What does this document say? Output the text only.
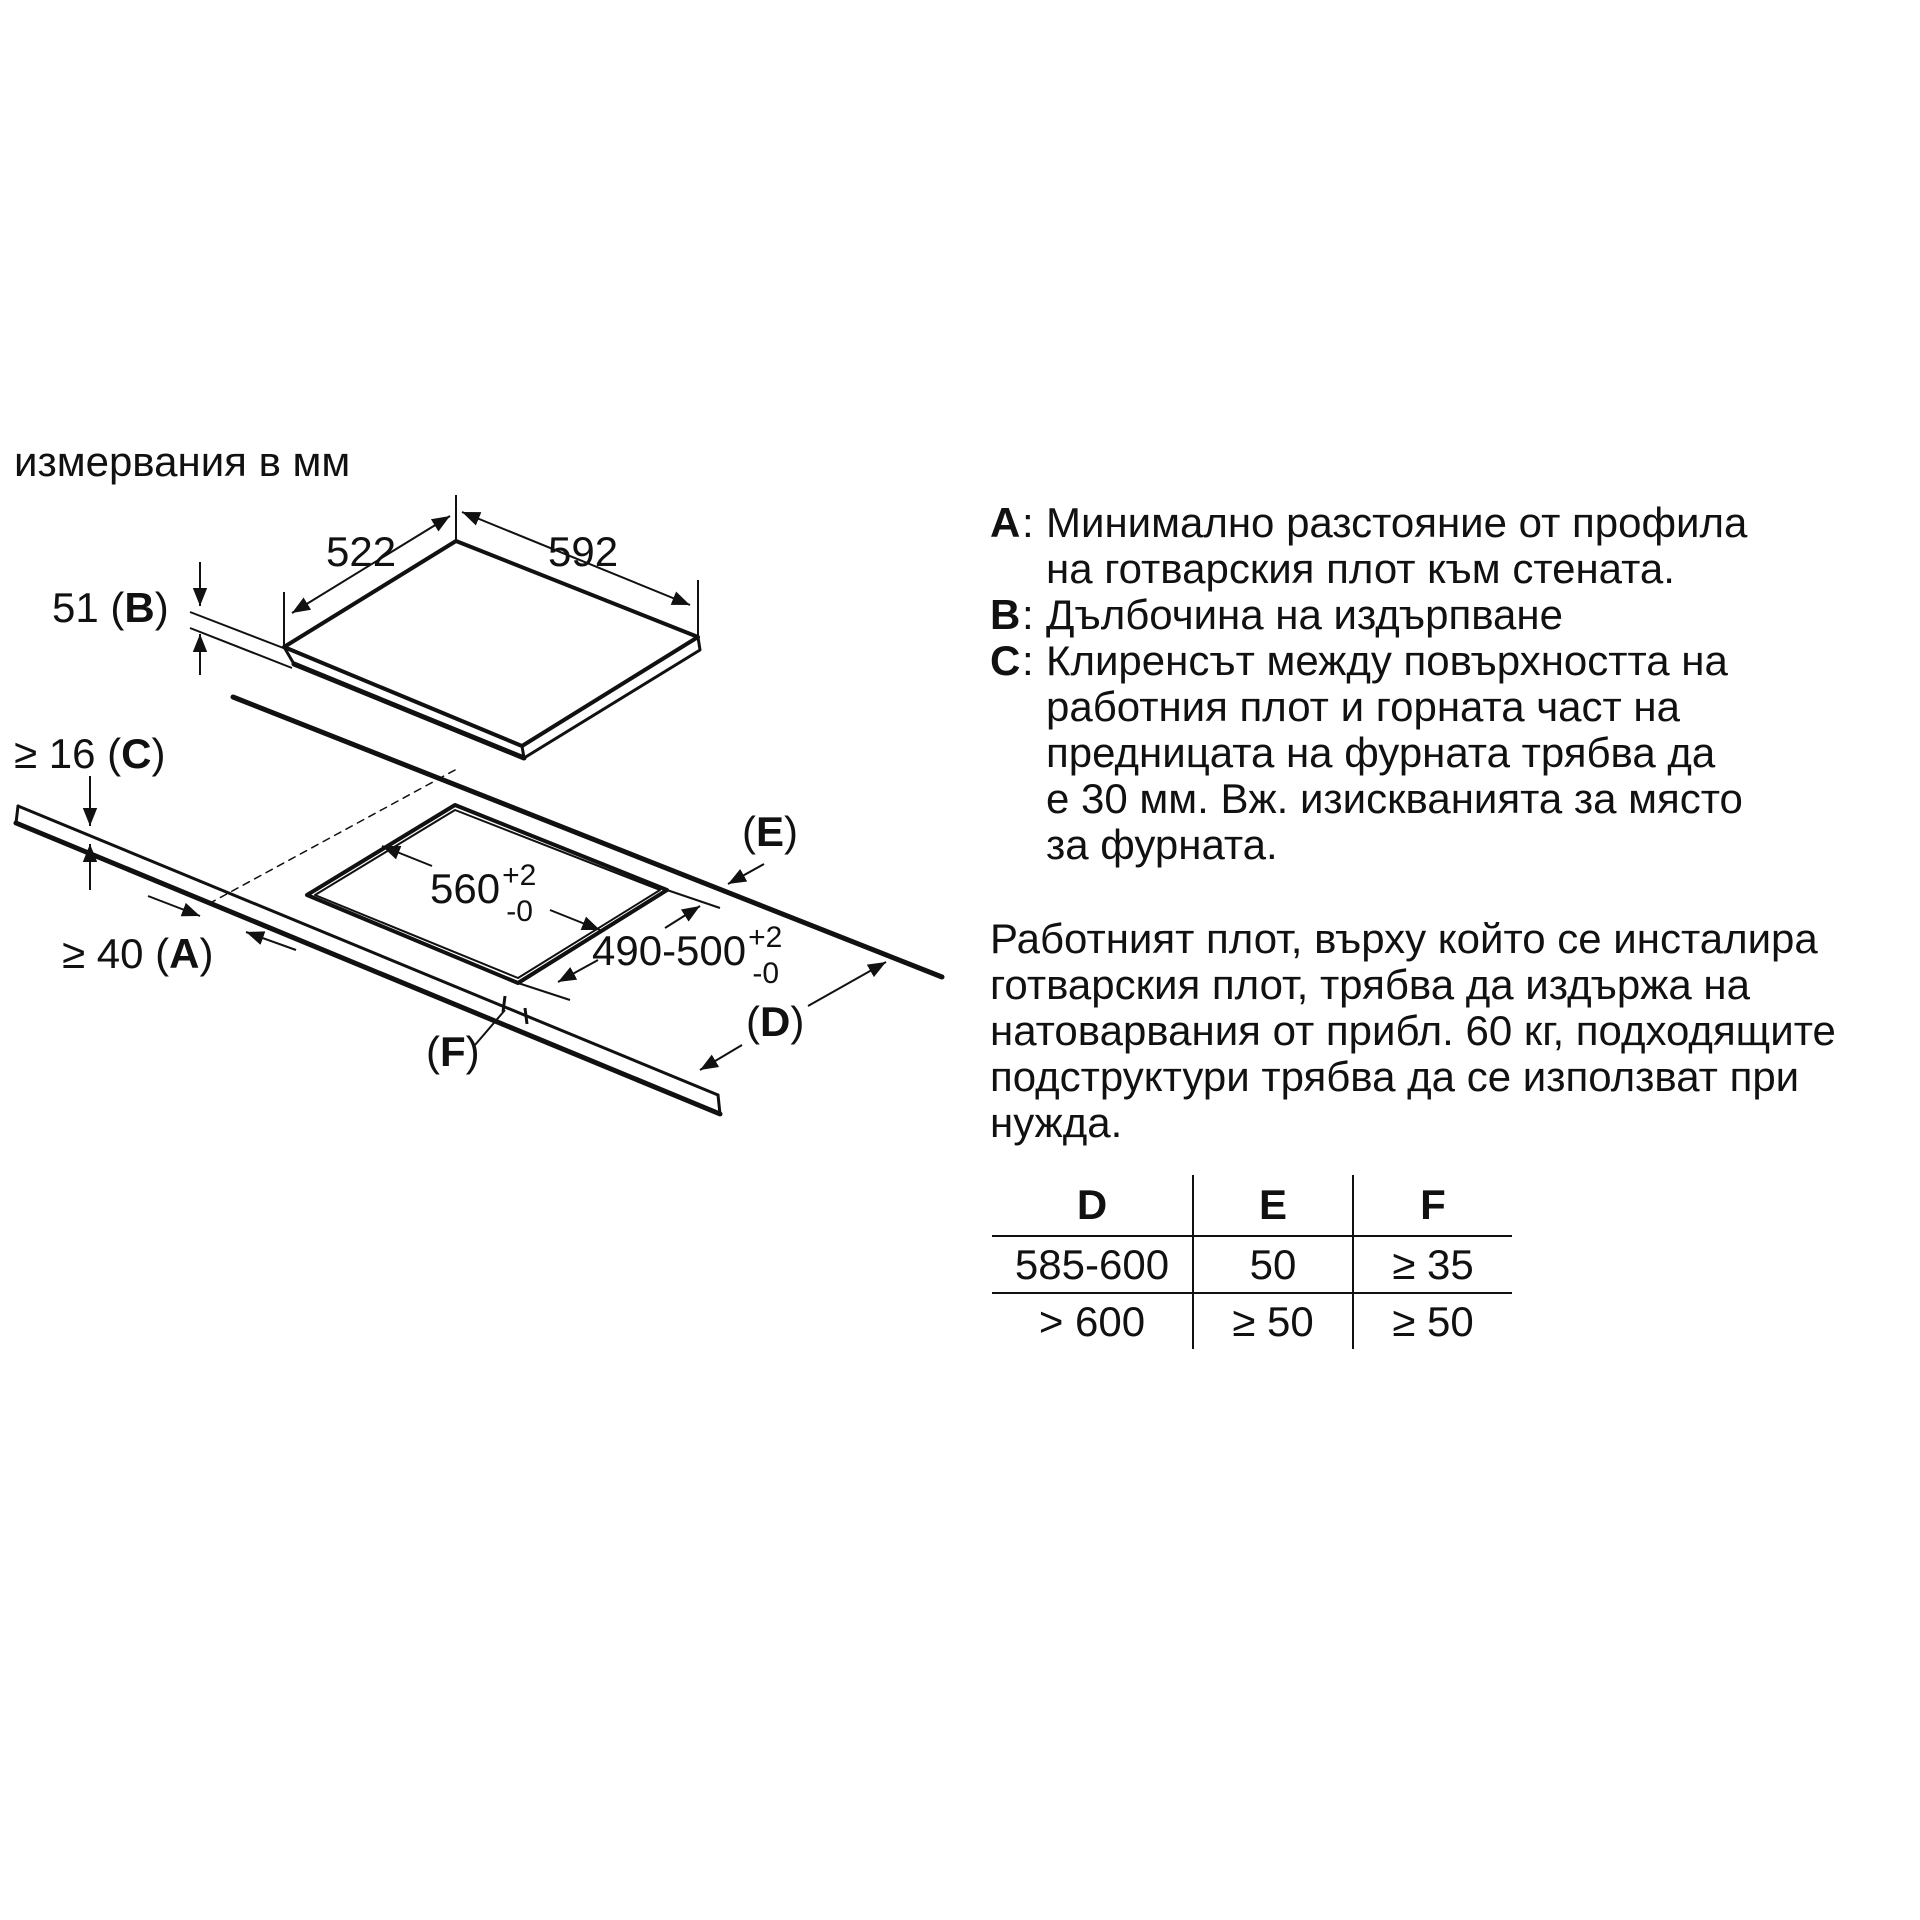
измервания в мм
522	592
51 (B)
$560^{+2}$ -0
$490-500^{+2}$ -0
≥ 16 (C)
≥ 40 (A)
(E)
(D)
(F)
A : Минимално разстояние от профила
на готварския плот към стената.
B : Дълбочина на издърпване
C : Клиренсът между повърхността на
работния плот и горната част на
предницата на фурната трябва да
е 30 мм. Вж. изискванията за място
за фурната.
Работният плот, върху който се инсталира
готварския плот, трябва да издържа на
натоварвания от прибл. 60 кг, подходящите
подструктури трябва да се използват при
нужда.
D	E	F
585-600	50	≥ 35
> 600	≥ 50	≥ 50
